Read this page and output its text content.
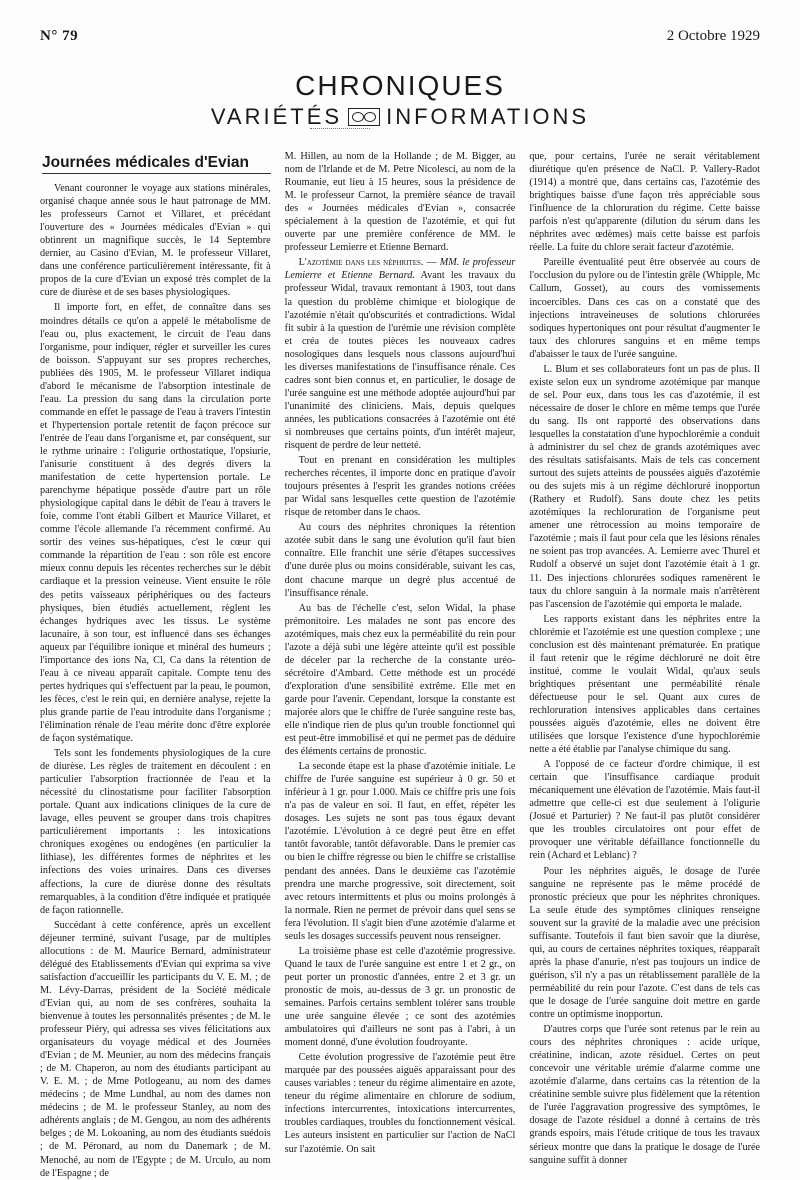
N° 79	2 Octobre 1929
CHRONIQUES
VARIÉTÉS INFORMATIONS
Journées médicales d'Evian

Venant couronner le voyage aux stations minérales, organisé chaque année sous le haut patronage de MM. les professeurs Carnot et Villaret, et précédant l'ouverture des « Journées médicales d'Evian » qui obtinrent un magnifique succès, le 14 Septembre dernier, au Casino d'Evian, M. le professeur Villaret, dans une conférence particulièrement intéressante, fit à propos de la cure d'Evian un exposé très complet de la cure de diurèse et de ses bases physiologiques.

Il importe fort, en effet, de connaître dans ses moindres détails ce qu'on a appelé le métabolisme de l'eau ou, plus exactement, le circuit de l'eau dans l'organisme, pour indiquer, régler et surveiller les cures de boisson. S'appuyant sur ses propres recherches, publiées dès 1905, M. le professeur Villaret indiqua d'abord le mécanisme de l'absorption intestinale de l'eau. La pression du sang dans la circulation porte commande en effet le passage de l'eau à travers l'intestin et l'hypertension portale retentit de façon précoce sur l'entrée de l'eau dans l'organisme et, par conséquent, sur le rythme urinaire : l'oligurie orthostatique, l'opsiurie, l'anisurie constituent à des degrés divers la manifestation de cette hypertension portale. Le parenchyme hépatique possède d'autre part un rôle physiologique capital dans le débit de l'eau à travers le foie, comme l'ont établi Gilbert et Maurice Villaret, et comme l'école allemande l'a récemment confirmé. Au sortir des veines sus-hépatiques, c'est le cœur qui commande la répartition de l'eau : son rôle est encore mieux connu depuis les récentes recherches sur le débit cardiaque et la pression veineuse. Vient ensuite le rôle des petits vaisseaux périphériques ou des facteurs physiques, bien étudiés actuellement, règlent les échanges hydriques avec les tissus. Le système lacunaire, à son tour, est influencé dans ses échanges aqueux par l'équilibre ionique et minéral des humeurs ; l'importance des ions Na, Cl, Ca dans la rétention de l'eau à ce niveau apparaît capitale. Compte tenu des pertes hydriques qui s'effectuent par la peau, le poumon, les fèces, c'est le rein qui, en dernière analyse, rejette la plus grande partie de l'eau introduite dans l'organisme ; l'élimination rénale de l'eau mérite donc d'être explorée de façon systématique.

Tels sont les fondements physiologiques de la cure de diurèse. Les règles de traitement en découlent : en particulier l'absorption fractionnée de l'eau et la nécessité du clinostatisme pour faciliter l'absorption portale. Quant aux indications cliniques de la cure de lavage, elles peuvent se grouper dans trois chapitres particulièrement importants : les intoxications chroniques exogènes ou endogènes (en particulier la lithiase), les différentes formes de néphrites et les infections des voies urinaires. Dans ces diverses affections, la cure de diurèse donne des résultats remarquables, à la condition d'être indiquée et pratiquée de façon rationnelle.

Succédant à cette conférence, après un excellent déjeuner terminé, suivant l'usage, par de multiples allocutions : de M. Maurice Bernard, administrateur délégué des Etablissements d'Evian qui exprima sa vive satisfaction d'accueillir les participants du V. E. M. ; de M. Lévy-Darras, président de la Société médicale d'Evian qui, au nom de ses confrères, souhaita la bienvenue à toutes les personnalités présentes ; de M. le professeur Piéry, qui adressa ses vives félicitations aux organisateurs du voyage médical et des Journées d'Evian ; de M. Meunier, au nom des médecins français ; de M. Chaperon, au nom des étudiants participant au V. E. M. ; de Mme Potlogeanu, au nom des dames médecins ; de Mme Lundhal, au nom des dames non médecins ; de M. le professeur Stanley, au nom des adhérents anglais ; de M. Gengou, au nom des adhérents belges ; de M. Lokoaning, au nom des étudiants suédois ; de M. Péronard, au nom du Danemark ; de M. Menoché, au nom de l'Egypte ; de M. Urculo, au nom de l'Espagne ; de

M. Hillen, au nom de la Hollande ; de M. Bigger, au nom de l'Irlande et de M. Petre Nicolesci, au nom de la Roumanie, eut lieu à 15 heures, sous la présidence de M. le professeur Carnot, la première séance de travail des « Journées médicales d'Evian », consacrée spécialement à la question de l'azotémie, et qui fut ouverte par une première conférence de MM. le professeur Lemierre et Etienne Bernard.

L'azotémie dans les néphrites. — MM. le professeur Lemierre et Etienne Bernard. Avant les travaux du professeur Widal, travaux remontant à 1903, tout dans la question du problème chimique et biologique de l'azotémie n'était qu'obscurités et contradictions. Widal fit subir à la question de l'urémie une révision complète et créa de toutes pièces les nouveaux cadres nosologiques dans lesquels nous classons aujourd'hui les diverses manifestations de l'insuffisance rénale. Ces cadres sont bien connus et, en particulier, le dosage de l'urée sanguine est une méthode adoptée aujourd'hui par l'unanimité des cliniciens. Mais, depuis quelques années, les publications consacrées à l'azotémie ont été si nombreuses que certains points, d'un intérêt majeur, risquent de perdre de leur netteté.

Tout en prenant en considération les multiples recherches récentes, il importe donc en pratique d'avoir toujours présentes à l'esprit les grandes notions créées par Widal sans lesquelles cette question de l'azotémie risque de retomber dans le chaos.

Au cours des néphrites chroniques la rétention azotée subit dans le sang une évolution qu'il faut bien connaître. Elle franchit une série d'étapes successives d'une durée plus ou moins considérable, suivant les cas, dont chacune marque un degré plus accentué de l'insuffisance rénale.

Au bas de l'échelle c'est, selon Widal, la phase prémonitoire. Les malades ne sont pas encore des azotémiques, mais chez eux la perméabilité du rein pour l'azote a déjà subi une légère atteinte qu'il est possible de déceler par la recherche de la constante uréo-sécrétoire d'Ambard. Cette méthode est un procédé d'exploration d'une sensibilité extrême. Elle met en garde pour l'avenir. Cependant, lorsque la constante est majorée alors que le chiffre de l'urée sanguine reste bas, elle n'indique rien de plus qu'un trouble fonctionnel qui est peut-être immobilisé et qui ne permet pas de déduire des éléments certains de pronostic.

La seconde étape est la phase d'azotémie initiale. Le chiffre de l'urée sanguine est supérieur à 0 gr. 50 et inférieur à 1 gr. pour 1.000. Mais ce chiffre pris une fois n'a pas de valeur en soi. Il faut, en effet, répéter les dosages. Les sujets ne sont pas tous égaux devant l'azotémie. L'évolution à ce degré peut être en effet tantôt favorable, tantôt défavorable. Dans le premier cas ou bien le chiffre régresse ou bien le chiffre se cristallise pendant des années. Dans le deuxième cas l'azotémie prendra une marche progressive, soit directement, soit avec retours intermittents et plus ou moins prolongés à la normale. Rien ne permet de prévoir dans quel sens se fera l'évolution. Il s'agit bien d'une azotémie d'alarme et seuls les dosages successifs peuvent nous renseigner.

La troisième phase est celle d'azotémie progressive. Quand le taux de l'urée sanguine est entre 1 et 2 gr., on peut porter un pronostic d'années, entre 2 et 3 gr. un pronostic de mois, au-dessus de 3 gr. un pronostic de semaines. Parfois certains semblent tolérer sans trouble une urée sanguine élevée ; ce sont des azotémies ambulatoires qui d'ailleurs ne sont pas à l'abri, à un moment donné, d'une évolution foudroyante.

Cette évolution progressive de l'azotémie peut être marquée par des poussées aiguës apparaissant pour des causes variables : teneur du régime alimentaire en azote, teneur du régime alimentaire en chlorure de sodium, infections intercurrentes, intoxications intercurrentes, troubles cardiaques, troubles du fonctionnement vésical. Les auteurs insistent en particulier sur l'action de NaCl sur l'azotémie. On sait

que, pour certains, l'urée ne serait véritablement diurétique qu'en présence de NaCl. P. Vallery-Radot (1914) a montré que, dans certains cas, l'azotémie des brightiques baisse d'une façon très appréciable sous l'influence de la chloruration du régime. Cette baisse parfois n'est qu'apparente (dilution du sérum dans les néphrites avec œdèmes) mais cette baisse est parfois réelle. La fuite du chlore serait facteur d'azotémie.

Pareille éventualité peut être observée au cours de l'occlusion du pylore ou de l'intestin grêle (Whipple, Mc Callum, Gosset), au cours des vomissements incoercibles. Dans ces cas on a constaté que des injections intraveineuses de solutions chlorurées sodiques hypertoniques ont pour résultat d'augmenter le taux des chlorures sanguins et en même temps d'abaisser le taux de l'urée sanguine.

L. Blum et ses collaborateurs font un pas de plus. Il existe selon eux un syndrome azotémique par manque de sel. Pour eux, dans tous les cas d'azotémie, il est nécessaire de doser le chlore en même temps que l'urée du sang. Ils ont rapporté des observations dans lesquelles la constatation d'une hypochlorémie a conduit à administrer du sel chez de grands azotémiques avec des résultats satisfaisants. Mais de tels cas concernent surtout des sujets atteints de poussées aiguës d'azotémie ou des sujets mis à un régime déchloruré inopportun (Rathery et Rudolf). Sans doute chez les petits azotémiques la rechloruration de l'organisme peut amener une rétrocession au moins temporaire de l'azotémie ; mais il faut pour cela que les lésions rénales ne soient pas trop avancées. A. Lemierre avec Thurel et Rudolf a observé un sujet dont l'azotémie était à 1 gr. 11. Des injections chlorurées sodiques ramenèrent le taux du chlore sanguin à la normale mais n'arrêtèrent pas l'ascension de l'azotémie qui emporta le malade.

Les rapports existant dans les néphrites entre la chlorémie et l'azotémie est une question complexe ; une conclusion est dès maintenant prématurée. En pratique il faut retenir que le régime déchloruré ne doit être institué, comme le voulait Widal, qu'aux seuls brightiques présentant une perméabilité rénale défectueuse pour le sel. Quant aux cures de rechloruration intensives applicables dans certaines poussées aiguës d'azotémie, elles ne doivent être utilisées que lorsque l'existence d'une hypochlorémie nette a été établie par l'analyse chimique du sang.

A l'opposé de ce facteur d'ordre chimique, il est certain que l'insuffisance cardiaque produit mécaniquement une élévation de l'azotémie. Mais faut-il admettre que celle-ci est due seulement à l'oligurie (Josué et Parturier) ? Ne faut-il pas plutôt considérer que les troubles circulatoires ont pour effet de provoquer une véritable défaillance fonctionnelle du rein (Achard et Leblanc) ?

Pour les néphrites aiguës, le dosage de l'urée sanguine ne représente pas le même procédé de pronostic précieux que pour les néphrites chroniques. La seule étude des symptômes cliniques renseigne souvent sur la gravité de la maladie avec une précision suffisante. Toutefois il faut bien savoir que la diurèse, qui, au cours de certaines néphrites toxiques, réapparaît après la phase d'anurie, n'est pas toujours un indice de guérison, s'il n'y a pas un rétablissement parallèle de la perméabilité du rein pour l'azote. C'est dans de tels cas que le dosage de l'urée sanguine doit mettre en garde contre un optimisme inopportun.

D'autres corps que l'urée sont retenus par le rein au cours des néphrites chroniques : acide urique, créatinine, indican, azote résiduel. Certes on peut concevoir une véritable urémie d'alarme comme une azotémie d'alarme, dans certains cas la rétention de la créatinine semble suivre plus fidèlement que la rétention de l'urée l'aggravation progressive des symptômes, le dosage de l'azote résiduel a donné à certains de très grands espoirs, mais l'étude critique de tous les travaux sérieux montre que dans la pratique le dosage de l'urée sanguine suffit à donner
